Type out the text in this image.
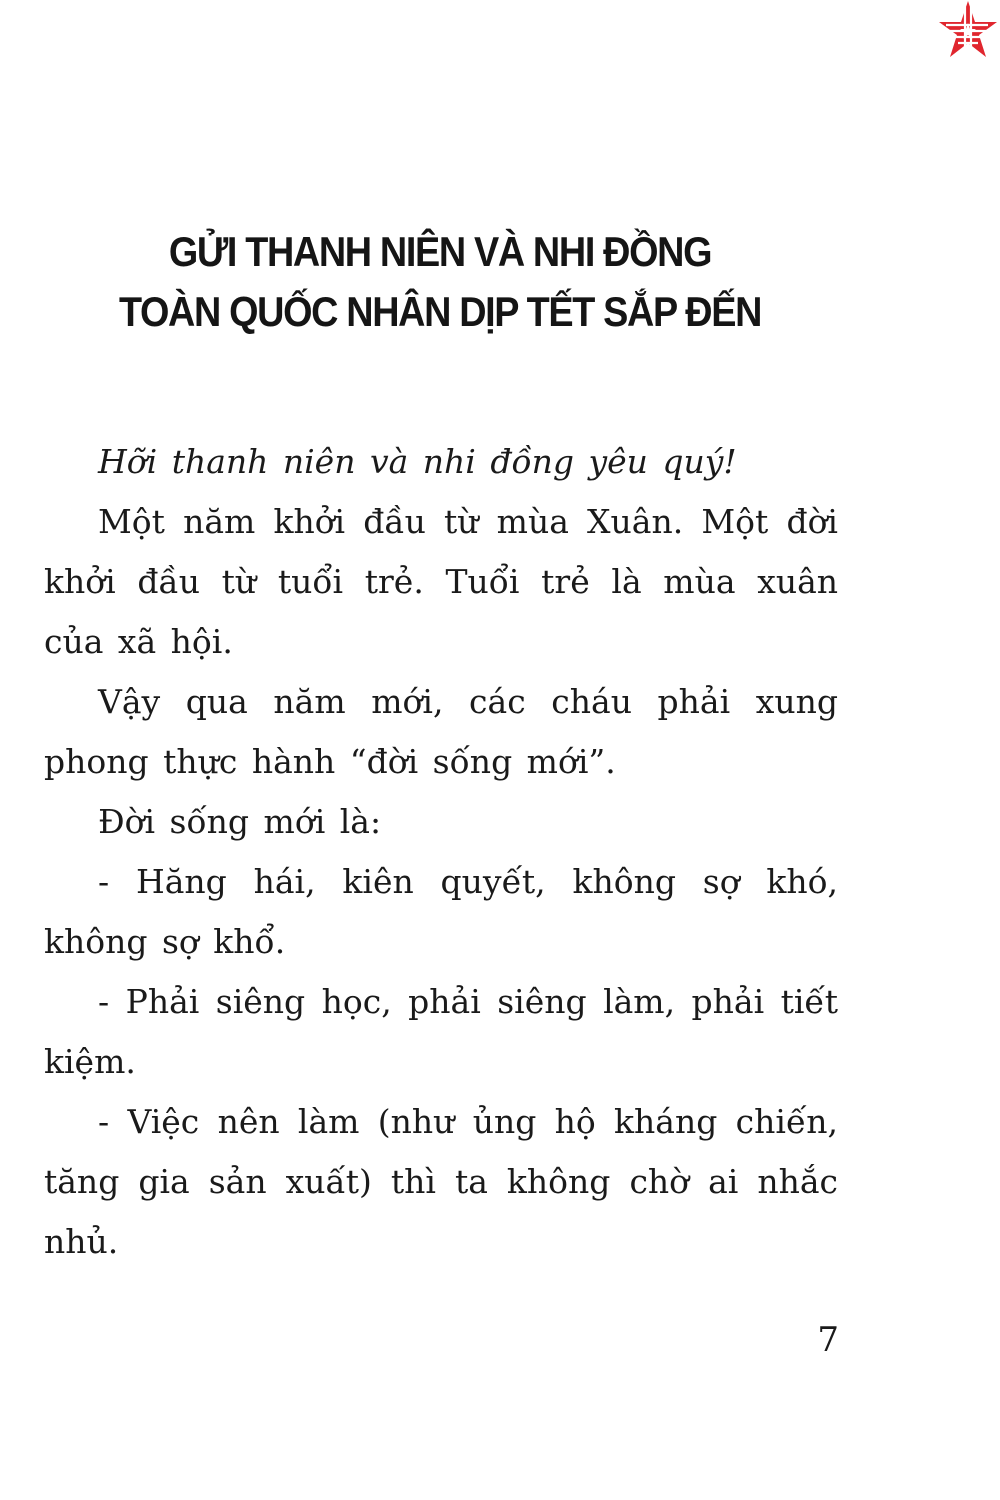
GỬI THANH NIÊN VÀ NHI ĐỒNG
TOÀN QUỐC NHÂN DỊP TẾT SẮP ĐẾN

Hỡi thanh niên và nhi đồng yêu quý!

Một năm khởi đầu từ mùa Xuân. Một đời khởi đầu từ tuổi trẻ. Tuổi trẻ là mùa xuân của xã hội.

Vậy qua năm mới, các cháu phải xung phong thực hành “đời sống mới”.

Đời sống mới là:

- Hăng hái, kiên quyết, không sợ khó, không sợ khổ.

- Phải siêng học, phải siêng làm, phải tiết kiệm.

- Việc nên làm (như ủng hộ kháng chiến, tăng gia sản xuất) thì ta không chờ ai nhắc nhủ.

7
